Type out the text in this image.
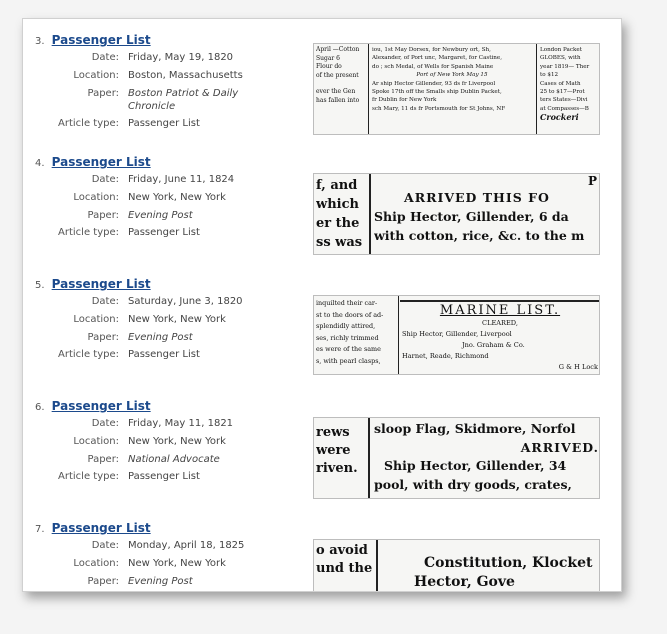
3. Passenger List
Date: Friday, May 19, 1820
Location: Boston, Massachusetts
Paper: Boston Patriot & Daily Chronicle
Article type: Passenger List
April —Cotton
Sugar 6
Flour do
of the present
ever the Gen
has fallen into
iou, 1st May Dorsex, for Newbury ort, Sh,
Alexander, of Port unc, Margaret, for Castine,
do ; sch Medal, of Wells for Spanish Maine
Port of New York May 15
Ar ship Hector Gillender, 93 ds fr Liverpool
Spoke 17th off the Smalls ship Dublin Packet,
fr Dublin for New York
sch Mary, 11 ds fr Portsmouth for St Johns, NF
London Packet
GLOBES, with
year 1819— Ther
to $12
Cases of Math
25 to $17—Prot
ters States—Divi
at Compasses—B
Crockeri
4. Passenger List
Date: Friday, June 11, 1824
Location: New York, New York
Paper: Evening Post
Article type: Passenger List
f, and
which
er the
ss was
ARRIVED THIS FO
Ship Hector, Gillender, 6 da
with cotton, rice, &c. to the m
P
5. Passenger List
Date: Saturday, June 3, 1820
Location: New York, New York
Paper: Evening Post
Article type: Passenger List
inquilted their car-
st to the doors of ad-
splendidly attired,
ses, richly trimmed
es were of the same
s, with pearl clasps,
MARINE LIST.
CLEARED,
Ship Hector, Gillender, Liverpool
Jno. Graham & Co.
Harnet, Reade, Richmond
G & H Lock
6. Passenger List
Date: Friday, May 11, 1821
Location: New York, New York
Paper: National Advocate
Article type: Passenger List
rews
were
riven.
sloop Flag, Skidmore, Norfol
ARRIVED.
Ship Hector, Gillender, 34
pool, with dry goods, crates,
7. Passenger List
Date: Monday, April 18, 1825
Location: New York, New York
Paper: Evening Post
o avoid
und the	Constitution, Klocket
Hector, Gove
